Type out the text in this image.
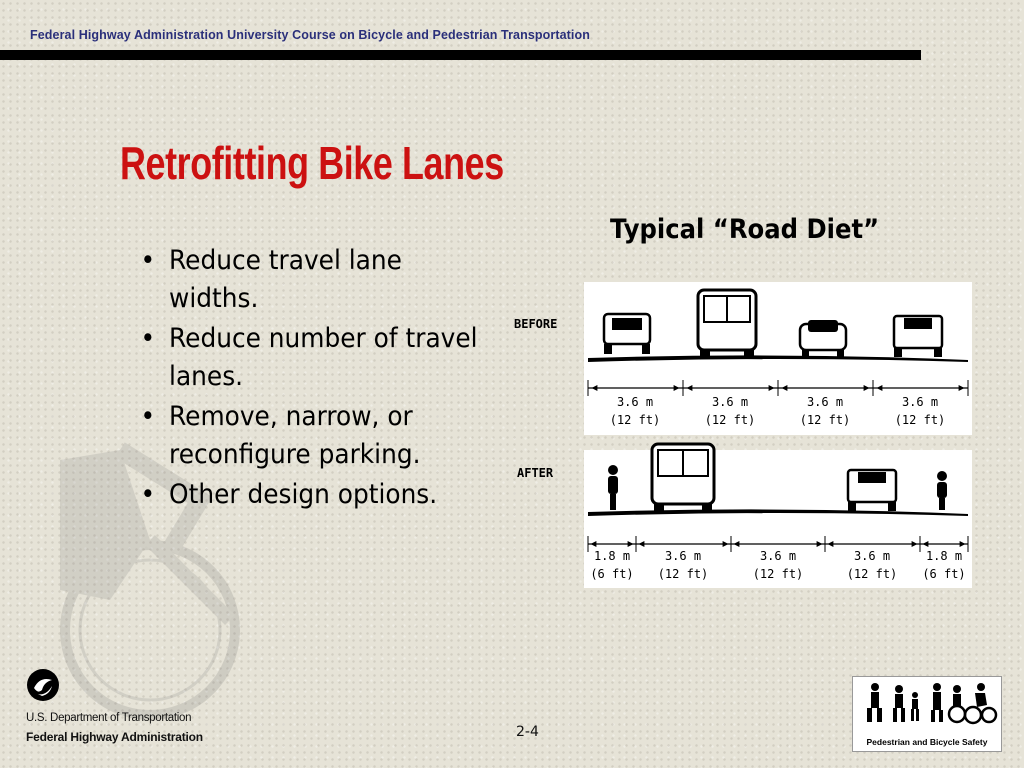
Federal Highway Administration University Course on Bicycle and Pedestrian Transportation
Retrofitting Bike Lanes
• Reduce travel lane widths.
• Reduce number of travel lanes.
• Remove, narrow, or reconfigure parking.
• Other design options.
Typical “Road Diet”
BEFORE
AFTER
3.6 m
(12 ft)
3.6 m
(12 ft)
3.6 m
(12 ft)
3.6 m
(12 ft)
1.8 m
(6 ft)
3.6 m
(12 ft)
3.6 m
(12 ft)
3.6 m
(12 ft)
1.8 m
(6 ft)
U.S. Department of Transportation
Federal Highway Administration	2-4
Pedestrian and Bicycle Safety
